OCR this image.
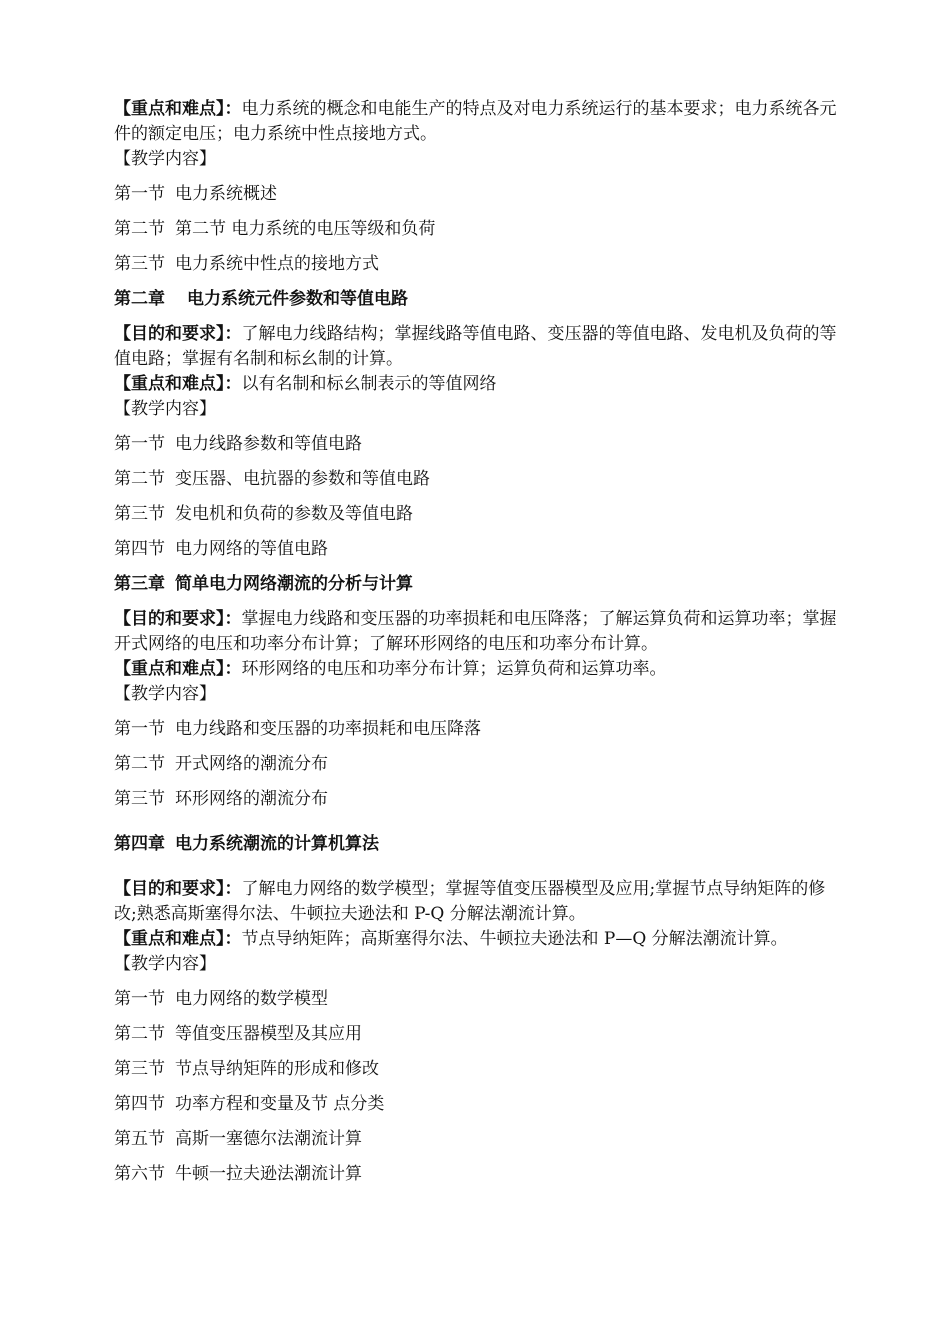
【重点和难点】：电力系统的概念和电能生产的特点及对电力系统运行的基本要求；电力系统各元件的额定电压；电力系统中性点接地方式。

【教学内容】

第一节 电力系统概述

第二节 第二节 电力系统的电压等级和负荷

第三节 电力系统中性点的接地方式

第二章 电力系统元件参数和等值电路

【目的和要求】：了解电力线路结构；掌握线路等值电路、变压器的等值电路、发电机及负荷的等值电路；掌握有名制和标幺制的计算。

【重点和难点】：以有名制和标幺制表示的等值网络

【教学内容】

第一节 电力线路参数和等值电路

第二节 变压器、电抗器的参数和等值电路

第三节 发电机和负荷的参数及等值电路

第四节 电力网络的等值电路

第三章 简单电力网络潮流的分析与计算

【目的和要求】：掌握电力线路和变压器的功率损耗和电压降落；了解运算负荷和运算功率；掌握开式网络的电压和功率分布计算；了解环形网络的电压和功率分布计算。

【重点和难点】：环形网络的电压和功率分布计算；运算负荷和运算功率。

【教学内容】

第一节 电力线路和变压器的功率损耗和电压降落

第二节 开式网络的潮流分布

第三节 环形网络的潮流分布

第四章 电力系统潮流的计算机算法

【目的和要求】：了解电力网络的数学模型；掌握等值变压器模型及应用;掌握节点导纳矩阵的修改;熟悉高斯塞得尔法、牛顿拉夫逊法和 P-Q 分解法潮流计算。

【重点和难点】：节点导纳矩阵；高斯塞得尔法、牛顿拉夫逊法和 P—Q 分解法潮流计算。

【教学内容】

第一节 电力网络的数学模型

第二节 等值变压器模型及其应用

第三节 节点导纳矩阵的形成和修改

第四节 功率方程和变量及节 点分类

第五节 高斯一塞德尔法潮流计算

第六节 牛顿一拉夫逊法潮流计算
